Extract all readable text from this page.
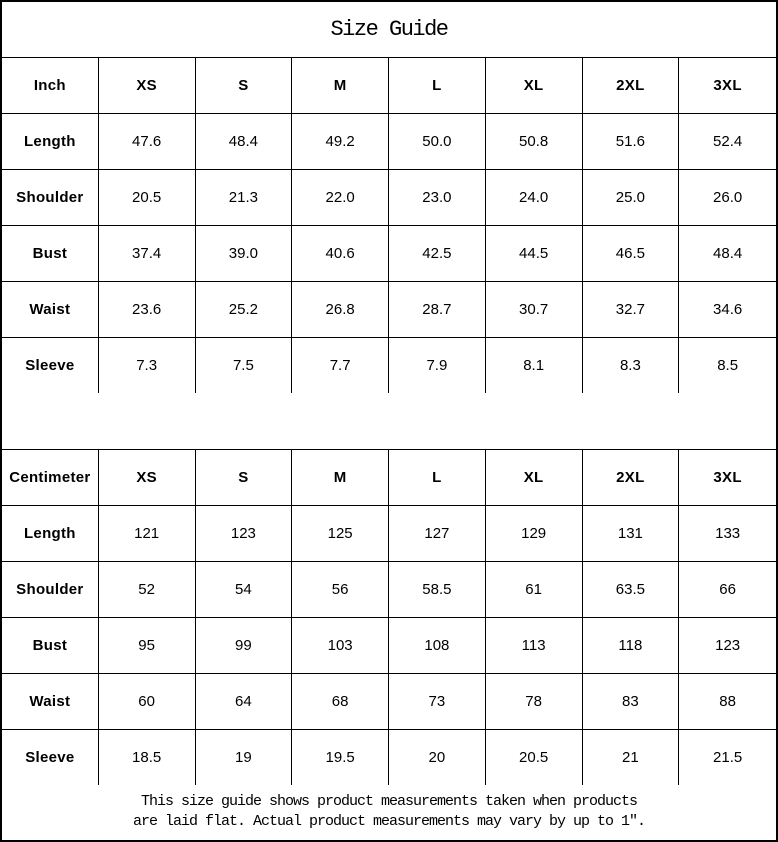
Size Guide
Inch	XS	S	M	L	XL	2XL	3XL
Length	47.6	48.4	49.2	50.0	50.8	51.6	52.4
Shoulder	20.5	21.3	22.0	23.0	24.0	25.0	26.0
Bust	37.4	39.0	40.6	42.5	44.5	46.5	48.4
Waist	23.6	25.2	26.8	28.7	30.7	32.7	34.6
Sleeve	7.3	7.5	7.7	7.9	8.1	8.3	8.5
Centimeter	XS	S	M	L	XL	2XL	3XL
Length	121	123	125	127	129	131	133
Shoulder	52	54	56	58.5	61	63.5	66
Bust	95	99	103	108	113	118	123
Waist	60	64	68	73	78	83	88
Sleeve	18.5	19	19.5	20	20.5	21	21.5
This size guide shows product measurements taken when products
are laid flat. Actual product measurements may vary by up to 1″.
